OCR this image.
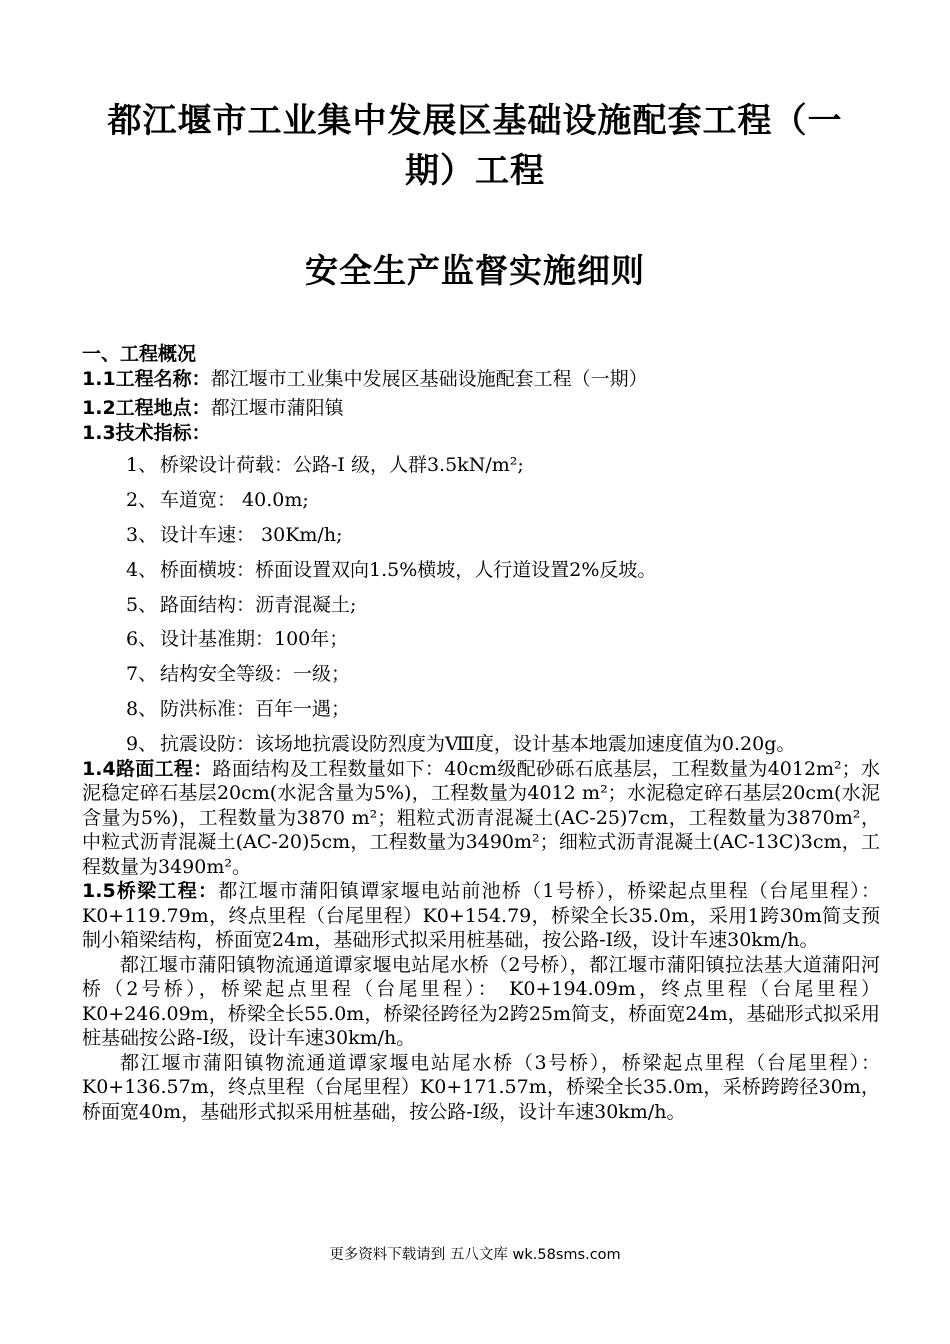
都江堰市工业集中发展区基础设施配套工程（一
期）工程
安全生产监督实施细则
一、工程概况

1.1工程名称：都江堰市工业集中发展区基础设施配套工程（一期）

1.2工程地点：都江堰市蒲阳镇

1.3技术指标：

1、 桥梁设计荷载：公路-Ⅰ 级，人群3.5kN/m²;
2、 车道宽： 40.0m;
3、 设计车速： 30Km/h;
4、 桥面横坡：桥面设置双向1.5%横坡，人行道设置2%反坡。
5、 路面结构：沥青混凝土;
6、 设计基准期：100年；
7、 结构安全等级：一级；
8、 防洪标准：百年一遇；
9、 抗震设防：该场地抗震设防烈度为Ⅷ度，设计基本地震加速度值为0.20g。

1.4路面工程：路面结构及工程数量如下：40cm级配砂砾石底基层，工程数量为4012m²；水泥稳定碎石基层20cm(水泥含量为5%)，工程数量为4012 m²；水泥稳定碎石基层20cm(水泥含量为5%)，工程数量为3870 m²；粗粒式沥青混凝土(AC-25)7cm，工程数量为3870m²，中粒式沥青混凝土(AC-20)5cm，工程数量为3490m²；细粒式沥青混凝土(AC-13C)3cm，工程数量为3490m²。

1.5桥梁工程：都江堰市蒲阳镇谭家堰电站前池桥（1号桥），桥梁起点里程（台尾里程）：K0+119.79m，终点里程（台尾里程）K0+154.79，桥梁全长35.0m，采用1跨30m简支预制小箱梁结构，桥面宽24m，基础形式拟采用桩基础，按公路-I级，设计车速30km/h。

都江堰市蒲阳镇物流通道谭家堰电站尾水桥（2号桥），都江堰市蒲阳镇拉法基大道蒲阳河桥（2号桥），桥梁起点里程（台尾里程）： K0+194.09m，终点里程（台尾里程）K0+246.09m，桥梁全长55.0m，桥梁径跨径为2跨25m简支，桥面宽24m，基础形式拟采用桩基础按公路-I级，设计车速30km/h。

都江堰市蒲阳镇物流通道谭家堰电站尾水桥（3号桥），桥梁起点里程（台尾里程）：K0+136.57m，终点里程（台尾里程）K0+171.57m，桥梁全长35.0m，采桥跨跨径30m，桥面宽40m，基础形式拟采用桩基础，按公路-I级，设计车速30km/h。

更多资料下载请到 五八文库 wk.58sms.com
